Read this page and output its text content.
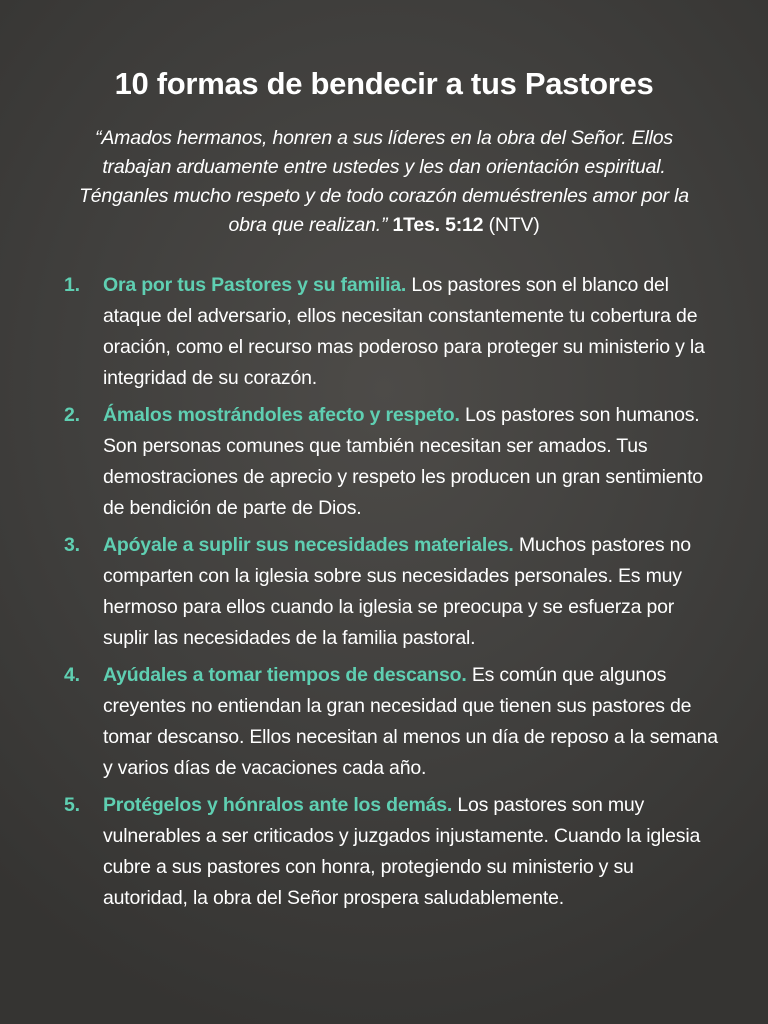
10 formas de bendecir a tus Pastores

“Amados hermanos, honren a sus líderes en la obra del Señor. Ellos trabajan arduamente entre ustedes y les dan orientación espiritual. Ténganles mucho respeto y de todo corazón demuéstrenles amor por la obra que realizan.” 1Tes. 5:12 (NTV)

1. Ora por tus Pastores y su familia. Los pastores son el blanco del ataque del adversario, ellos necesitan constantemente tu cobertura de oración, como el recurso mas poderoso para proteger su ministerio y la integridad de su corazón.
2. Ámalos mostrándoles afecto y respeto. Los pastores son humanos. Son personas comunes que también necesitan ser amados. Tus demostraciones de aprecio y respeto les producen un gran sentimiento de bendición de parte de Dios.
3. Apóyale a suplir sus necesidades materiales. Muchos pastores no comparten con la iglesia sobre sus necesidades personales. Es muy hermoso para ellos cuando la iglesia se preocupa y se esfuerza por suplir las necesidades de la familia pastoral.
4. Ayúdales a tomar tiempos de descanso. Es común que algunos creyentes no entiendan la gran necesidad que tienen sus pastores de tomar descanso. Ellos necesitan al menos un día de reposo a la semana y varios días de vacaciones cada año.
5. Protégelos y hónralos ante los demás. Los pastores son muy vulnerables a ser criticados y juzgados injustamente. Cuando la iglesia cubre a sus pastores con honra, protegiendo su ministerio y su autoridad, la obra del Señor prospera saludablemente.
